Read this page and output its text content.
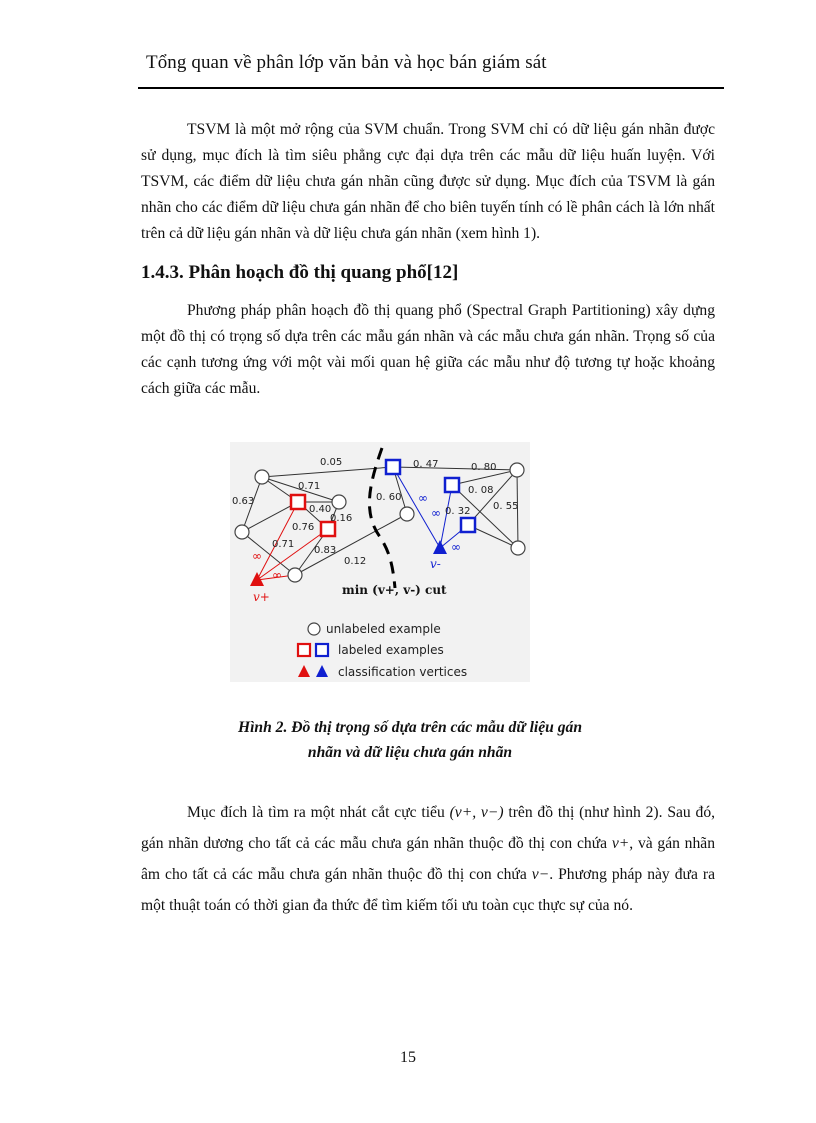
Tổng quan về phân lớp văn bản và học bán giám sát

TSVM là một mở rộng của SVM chuẩn. Trong SVM chỉ có dữ liệu gán nhãn được sử dụng, mục đích là tìm siêu phẳng cực đại dựa trên các mẫu dữ liệu huấn luyện. Với TSVM, các điểm dữ liệu chưa gán nhãn cũng được sử dụng. Mục đích của TSVM là gán nhãn cho các điểm dữ liệu chưa gán nhãn để cho biên tuyến tính có lề phân cách là lớn nhất trên cả dữ liệu gán nhãn và dữ liệu chưa gán nhãn (xem hình 1).

1.4.3. Phân hoạch đồ thị quang phổ[12]

Phương pháp phân hoạch đồ thị quang phổ (Spectral Graph Partitioning) xây dựng một đồ thị có trọng số dựa trên các mẫu gán nhãn và các mẫu chưa gán nhãn. Trọng số của các cạnh tương ứng với một vài mối quan hệ giữa các mẫu như độ tương tự hoặc khoảng cách giữa các mẫu.

0.05	0. 47	0. 80
0.63
0.71
0.40
0.16
0. 60
0. 08
0. 55
0.76
0. 32
0.71
0.83
0.12
∞
∞
∞
∞
∞
v+
v-
min (v+, v-) cut
unlabeled example
labeled examples
classification vertices
Hình 2. Đồ thị trọng số dựa trên các mẫu dữ liệu gán
nhãn và dữ liệu chưa gán nhãn

Mục đích là tìm ra một nhát cắt cực tiểu (v+, v−) trên đồ thị (như hình 2). Sau đó, gán nhãn dương cho tất cả các mẫu chưa gán nhãn thuộc đồ thị con chứa v+, và gán nhãn âm cho tất cả các mẫu chưa gán nhãn thuộc đồ thị con chứa v−. Phương pháp này đưa ra một thuật toán có thời gian đa thức để tìm kiếm tối ưu toàn cục thực sự của nó.

15
